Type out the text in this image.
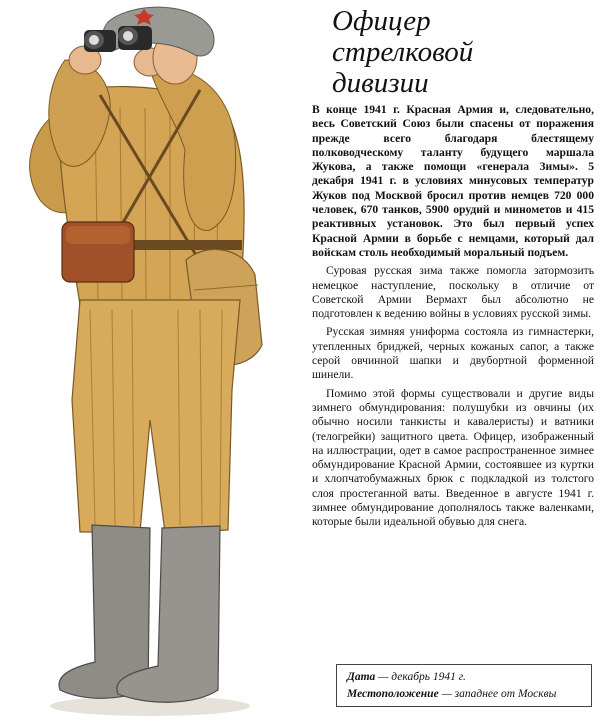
Офицер
стрелковой
дивизии

В конце 1941 г. Красная Армия и, следовательно, весь Советский Союз были спасены от поражения прежде всего благодаря блестящему полководческому таланту будущего маршала Жукова, а также помощи «генерала Зимы». 5 декабря 1941 г. в условиях минусовых температур Жуков под Москвой бросил против немцев 720 000 человек, 670 танков, 5900 орудий и минометов и 415 реактивных установок. Это был первый успех Красной Армии в борьбе с немцами, который дал войскам столь необходимый моральный подъем.

Суровая русская зима также помогла затормозить немецкое наступление, поскольку в отличие от Советской Армии Вермахт был абсолютно не подготовлен к ведению войны в условиях русской зимы.

Русская зимняя униформа состояла из гимнастерки, утепленных бриджей, черных кожаных сапог, а также серой овчинной шапки и двубортной форменной шинели.

Помимо этой формы существовали и другие виды зимнего обмундирования: полушубки из овчины (их обычно носили танкисты и кавалеристы) и ватники (телогрейки) защитного цвета. Офицер, изображенный на иллюстрации, одет в самое распространенное зимнее обмундирование Красной Армии, состоявшее из куртки и хлопчатобумажных брюк с подкладкой из толстого слоя простеганной ваты. Введенное в августе 1941 г. зимнее обмундирование дополнялось также валенками, которые были идеальной обувью для снега.

Дата — декабрь 1941 г.
Местоположение — западнее от Москвы
